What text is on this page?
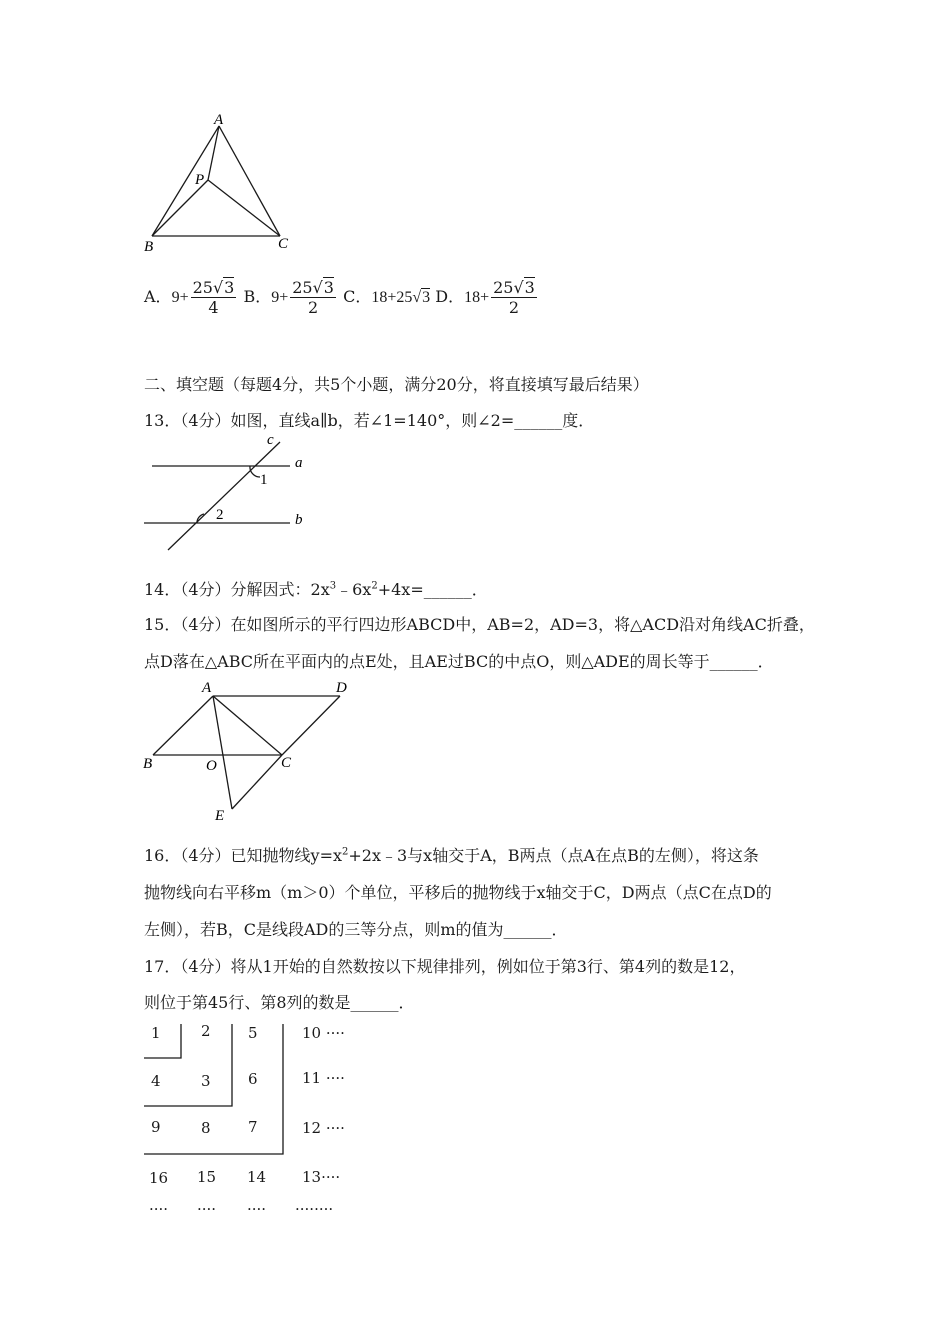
A
P
B	C
A．$9+ \frac{25√3}{4}$ B．$9+ \frac{25√3}{2}$ C．18+25√3 D．$18+ \frac{25√3}{2}$
二、填空题（每题4分，共5个小题，满分20分，将直接填写最后结果）
13．（4分）如图，直线a∥b，若∠1=140°，则∠2=______度．
c
a
1
2	b
14．（4分）分解因式：$2x^3﹣6x^2+4x=\_\_\_\_\_\_$．
15．（4分）在如图所示的平行四边形ABCD中，AB=2，AD=3，将△ACD沿对角线AC折叠，
点D落在△ABC所在平面内的点E处，且AE过BC的中点O，则△ADE的周长等于______．
A	D
B	O	C
E
16．（4分）已知抛物线$y=x^2+2x﹣3$与x轴交于A，B两点（点A在点B的左侧），将这条
抛物线向右平移m（m＞0）个单位，平移后的抛物线于x轴交于C，D两点（点C在点D的
左侧），若B，C是线段AD的三等分点，则m的值为______．
17．（4分）将从1开始的自然数按以下规律排列，例如位于第3行、第4列的数是12，
则位于第45行、第8列的数是______．
1	2 5	10 ····
4	3 6	11 ····
9	8 7	12 ····
16 15 14 13····
···· ···· ···· ········
